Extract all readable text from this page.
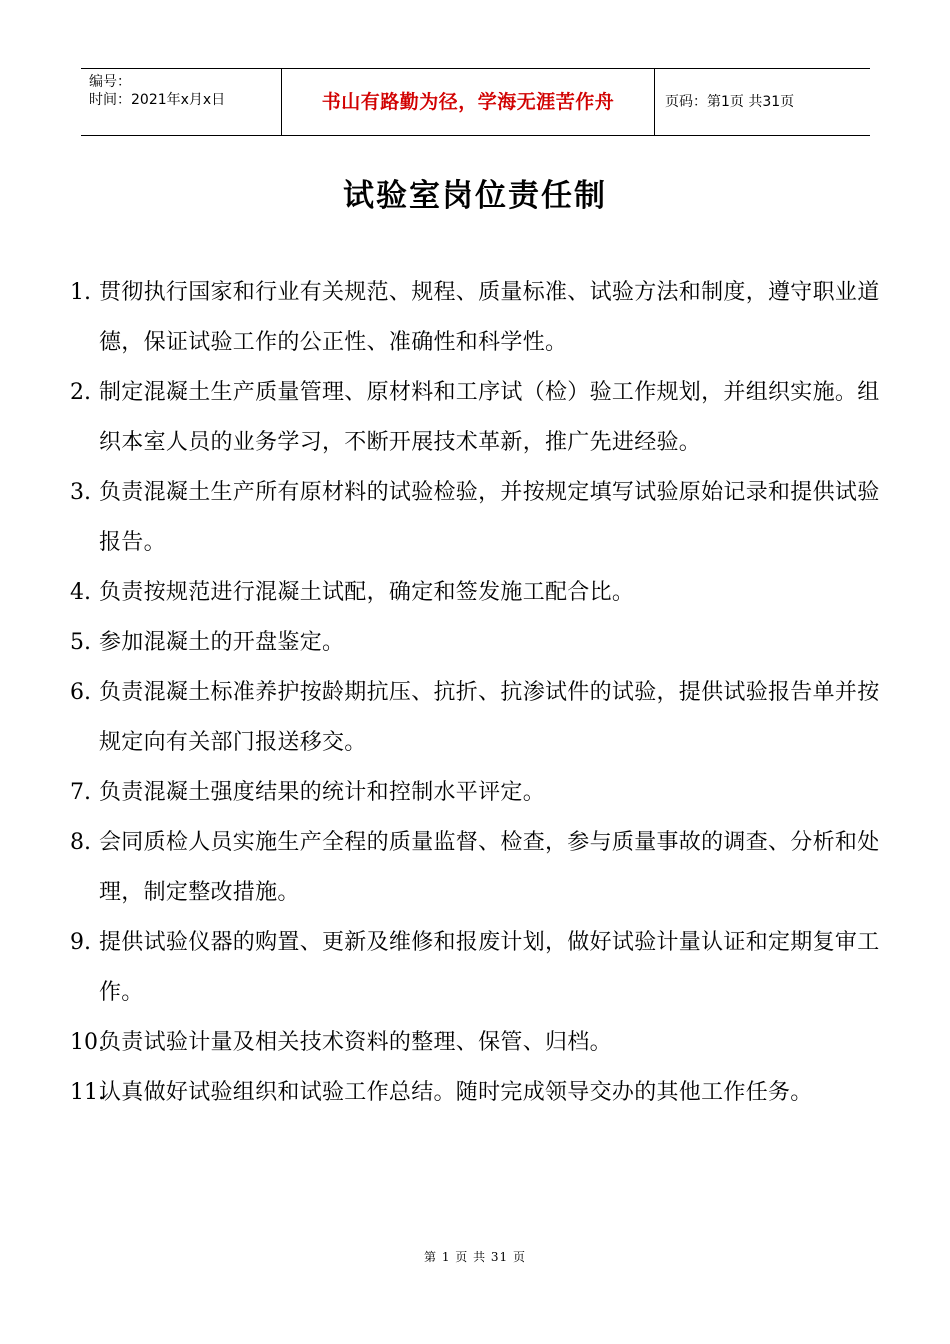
编号：
时间：2021年x月x日	书山有路勤为径，学海无涯苦作舟	页码：第1页 共31页
试验室岗位责任制
1. 贯彻执行国家和行业有关规范、规程、质量标准、试验方法和制度，遵守职业道德，保证试验工作的公正性、准确性和科学性。
2. 制定混凝土生产质量管理、原材料和工序试（检）验工作规划，并组织实施。组织本室人员的业务学习，不断开展技术革新，推广先进经验。
3. 负责混凝土生产所有原材料的试验检验，并按规定填写试验原始记录和提供试验报告。
4. 负责按规范进行混凝土试配，确定和签发施工配合比。
5. 参加混凝土的开盘鉴定。
6. 负责混凝土标准养护按龄期抗压、抗折、抗渗试件的试验，提供试验报告单并按规定向有关部门报送移交。
7. 负责混凝土强度结果的统计和控制水平评定。
8. 会同质检人员实施生产全程的质量监督、检查，参与质量事故的调查、分析和处理，制定整改措施。
9. 提供试验仪器的购置、更新及维修和报废计划，做好试验计量认证和定期复审工作。
10.
负责试验计量及相关技术资料的整理、保管、归档。
11.
认真做好试验组织和试验工作总结。随时完成领导交办的其他工作任务。
第 1 页 共 31 页
